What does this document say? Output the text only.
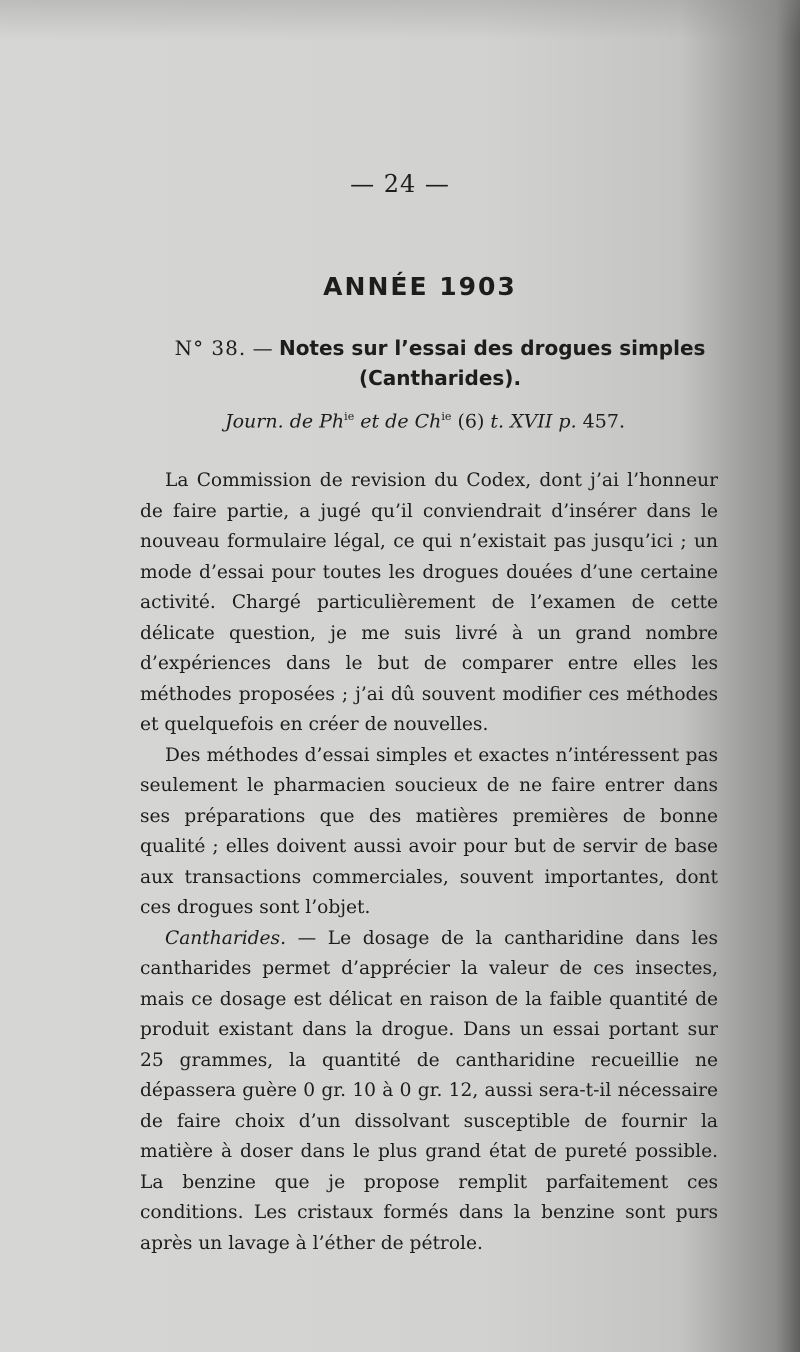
— 24 —
ANNÉE 1903
N° 38. — Notes sur l’essai des drogues simples
(Cantharides).
Journ. de $Ph^{ie}$ et de $Ch^{ie}$ (6) t. XVII p. 457.

La Commission de revision du Codex, dont j’ai l’honneur de faire partie, a jugé qu’il conviendrait d’insérer dans le nouveau formulaire légal, ce qui n’existait pas jusqu’ici ; un mode d’essai pour toutes les drogues douées d’une certaine activité. Chargé particulièrement de l’examen de cette délicate question, je me suis livré à un grand nombre d’expériences dans le but de comparer entre elles les méthodes proposées ; j’ai dû souvent modifier ces méthodes et quelquefois en créer de nouvelles.

Des méthodes d’essai simples et exactes n’intéressent pas seulement le pharmacien soucieux de ne faire entrer dans ses préparations que des matières premières de bonne qualité ; elles doivent aussi avoir pour but de servir de base aux transactions commerciales, souvent importantes, dont ces drogues sont l’objet.

Cantharides. — Le dosage de la cantharidine dans les cantharides permet d’apprécier la valeur de ces insectes, mais ce dosage est délicat en raison de la faible quantité de produit existant dans la drogue. Dans un essai portant sur 25 grammes, la quantité de cantharidine recueillie ne dépassera guère 0 gr. 10 à 0 gr. 12, aussi sera-t-il nécessaire de faire choix d’un dissolvant susceptible de fournir la matière à doser dans le plus grand état de pureté possible. La benzine que je propose remplit parfaitement ces conditions. Les cristaux formés dans la benzine sont purs après un lavage à l’éther de pétrole.
